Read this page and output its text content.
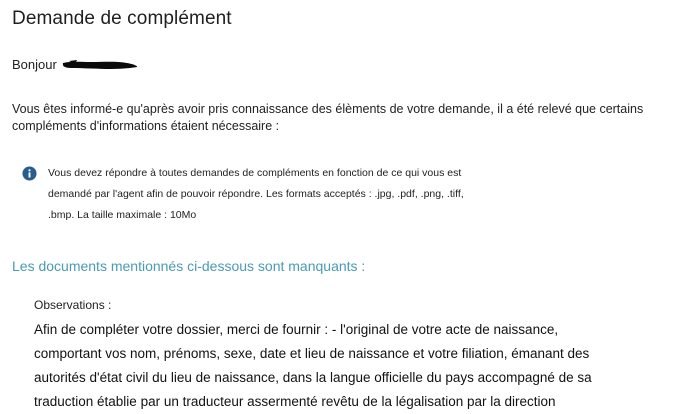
Demande de complément
Bonjour

Vous êtes informé-e qu'après avoir pris connaissance des élèments de votre demande, il a été relevé que certains compléments d'informations étaient nécessaire :

Vous devez répondre à toutes demandes de compléments en fonction de ce qui vous est demandé par l'agent afin de pouvoir répondre. Les formats acceptés : .jpg, .pdf, .png, .tiff, .bmp. La taille maximale : 10Mo
Les documents mentionnés ci-dessous sont manquants :
Observations :
Afin de compléter votre dossier, merci de fournir : - l'original de votre acte de naissance, comportant vos nom, prénoms, sexe, date et lieu de naissance et votre filiation, émanant des autorités d'état civil du lieu de naissance, dans la langue officielle du pays accompagné de sa traduction établie par un traducteur assermenté revêtu de la légalisation par la direction
